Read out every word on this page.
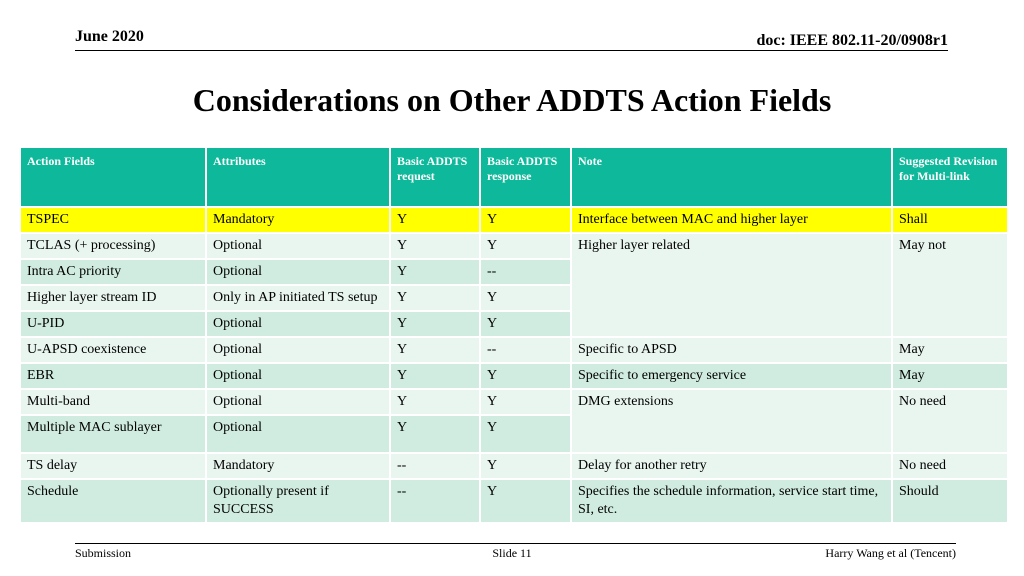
June 2020	doc: IEEE 802.11-20/0908r1
Considerations on Other ADDTS Action Fields
Action Fields	Attributes	Basic ADDTS request	Basic ADDTS response	Note	Suggested Revision for Multi-link
TSPEC	Mandatory	Y	Y	Interface between MAC and higher layer	Shall
TCLAS (+ processing)	Optional	Y	Y	Higher layer related	May not
Intra AC priority	Optional	Y	--		
Higher layer stream ID	Only in AP initiated TS setup	Y	Y		
U-PID	Optional	Y	Y		
U-APSD coexistence	Optional	Y	--	Specific to APSD	May
EBR	Optional	Y	Y	Specific to emergency service	May
Multi-band	Optional	Y	Y	DMG extensions	No need
Multiple MAC sublayer	Optional	Y	Y		
TS delay	Mandatory	--	Y	Delay for another retry	No need
Schedule	Optionally present if SUCCESS	--	Y	Specifies the schedule information, service start time, SI, etc.	Should
Submission	Slide 11	Harry Wang et al (Tencent)
